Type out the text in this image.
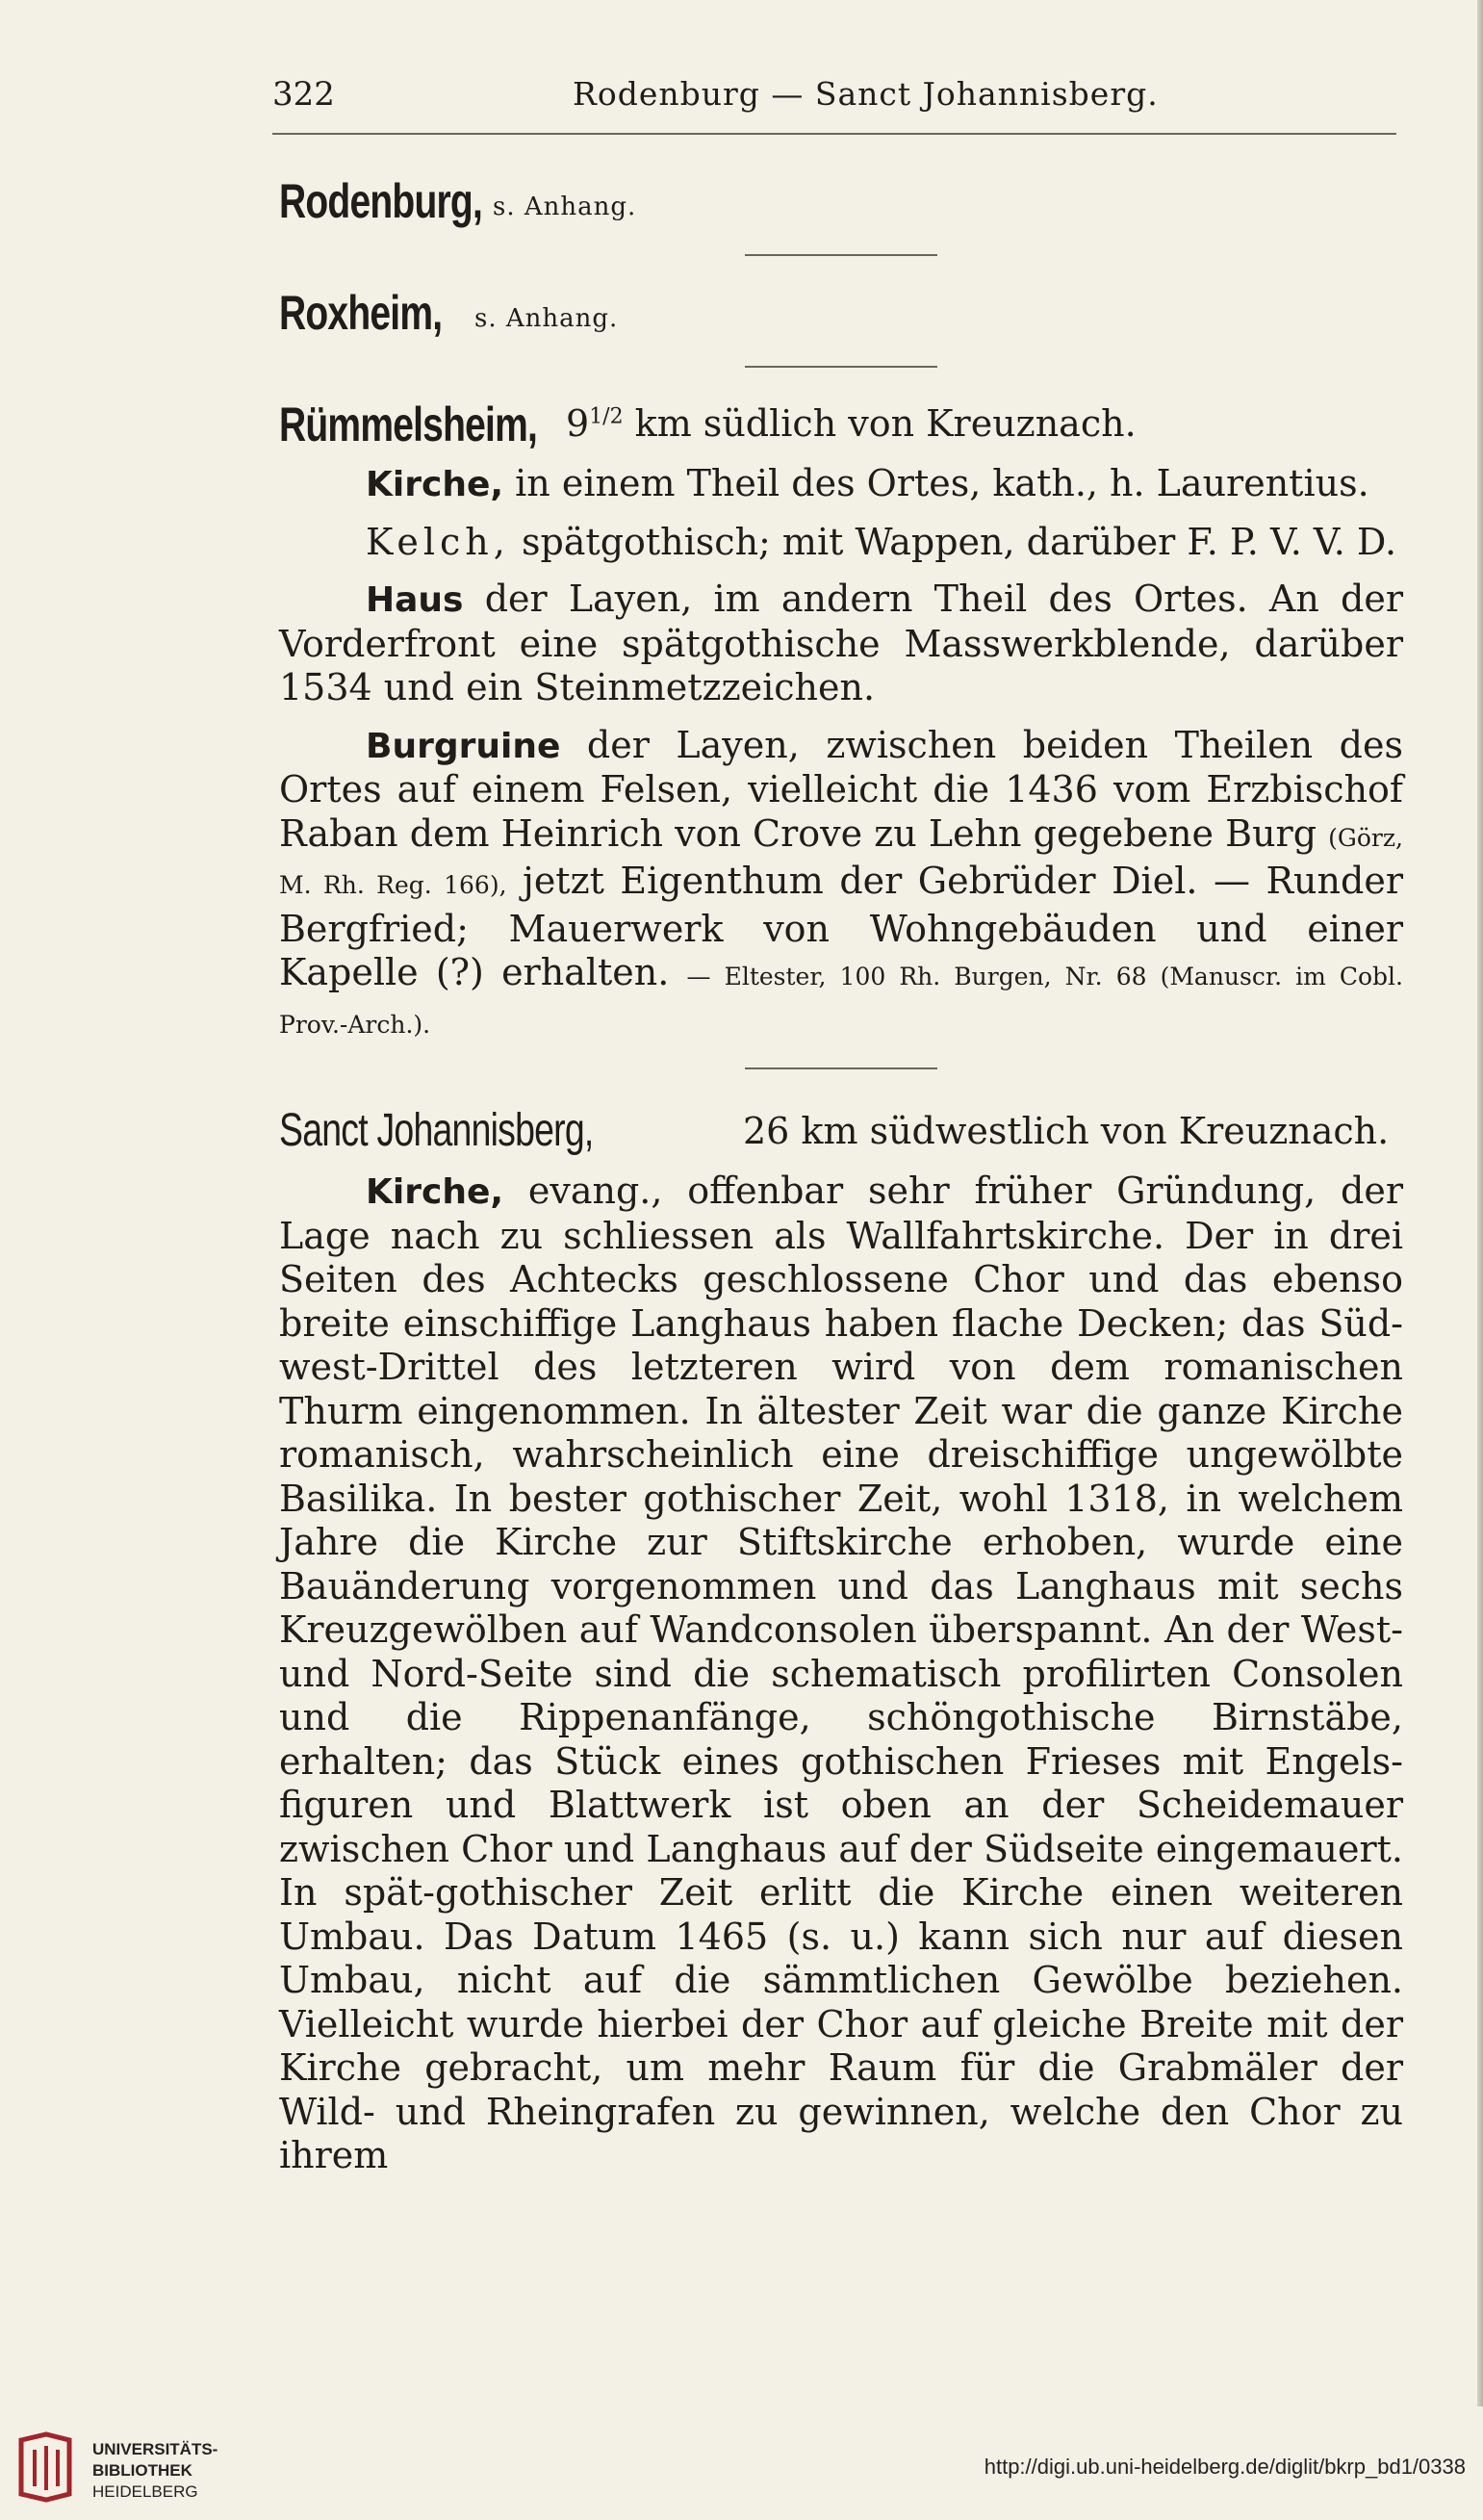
322	Rodenburg — Sanct Johannisberg.
Rodenburg, s. Anhang.
Roxheim, s. Anhang.
Rümmelsheim, $9^{1/2}$ km südlich von Kreuznach.

Kirche, in einem Theil des Ortes, kath., h. Laurentius.

Kelch, spätgothisch; mit Wappen, darüber F. P. V. V. D.

Haus der Layen, im andern Theil des Ortes. An der Vorderfront eine spätgothische Masswerkblende, darüber 1534 und ein Steinmetzzeichen.

Burgruine der Layen, zwischen beiden Theilen des Ortes auf einem Felsen, vielleicht die 1436 vom Erzbischof Raban dem Heinrich von Crove zu Lehn gegebene Burg (Görz, M. Rh. Reg. 166), jetzt Eigenthum der Gebrüder Diel. — Runder Bergfried; Mauerwerk von Wohngebäuden und einer Kapelle (?) erhalten. — Eltester, 100 Rh. Burgen, Nr. 68 (Manuscr. im Cobl. Prov.-Arch.).

Sanct Johannisberg,	26 km südwestlich von Kreuznach.

Kirche, evang., offenbar sehr früher Gründung, der Lage nach zu schliessen als Wallfahrtskirche. Der in drei Seiten des Achtecks geschlossene Chor und das ebenso breite einschiffige Langhaus haben flache Decken; das Süd-west-Drittel des letzteren wird von dem romanischen Thurm eingenommen. In ältester Zeit war die ganze Kirche romanisch, wahrscheinlich eine dreischiffige ungewölbte Basilika. In bester gothischer Zeit, wohl 1318, in welchem Jahre die Kirche zur Stiftskirche erhoben, wurde eine Bauänderung vorgenommen und das Langhaus mit sechs Kreuzgewölben auf Wandconsolen überspannt. An der West- und Nord-Seite sind die schematisch profilirten Consolen und die Rippenanfänge, schöngothische Birnstäbe, erhalten; das Stück eines gothischen Frieses mit Engels-figuren und Blattwerk ist oben an der Scheidemauer zwischen Chor und Langhaus auf der Südseite eingemauert. In spät-gothischer Zeit erlitt die Kirche einen weiteren Umbau. Das Datum 1465 (s. u.) kann sich nur auf diesen Umbau, nicht auf die sämmtlichen Gewölbe beziehen. Vielleicht wurde hierbei der Chor auf gleiche Breite mit der Kirche gebracht, um mehr Raum für die Grabmäler der Wild- und Rheingrafen zu gewinnen, welche den Chor zu ihrem

UNIVERSITÄTS-
BIBLIOTHEK
HEIDELBERG
http://digi.ub.uni-heidelberg.de/diglit/bkrp_bd1/0338
